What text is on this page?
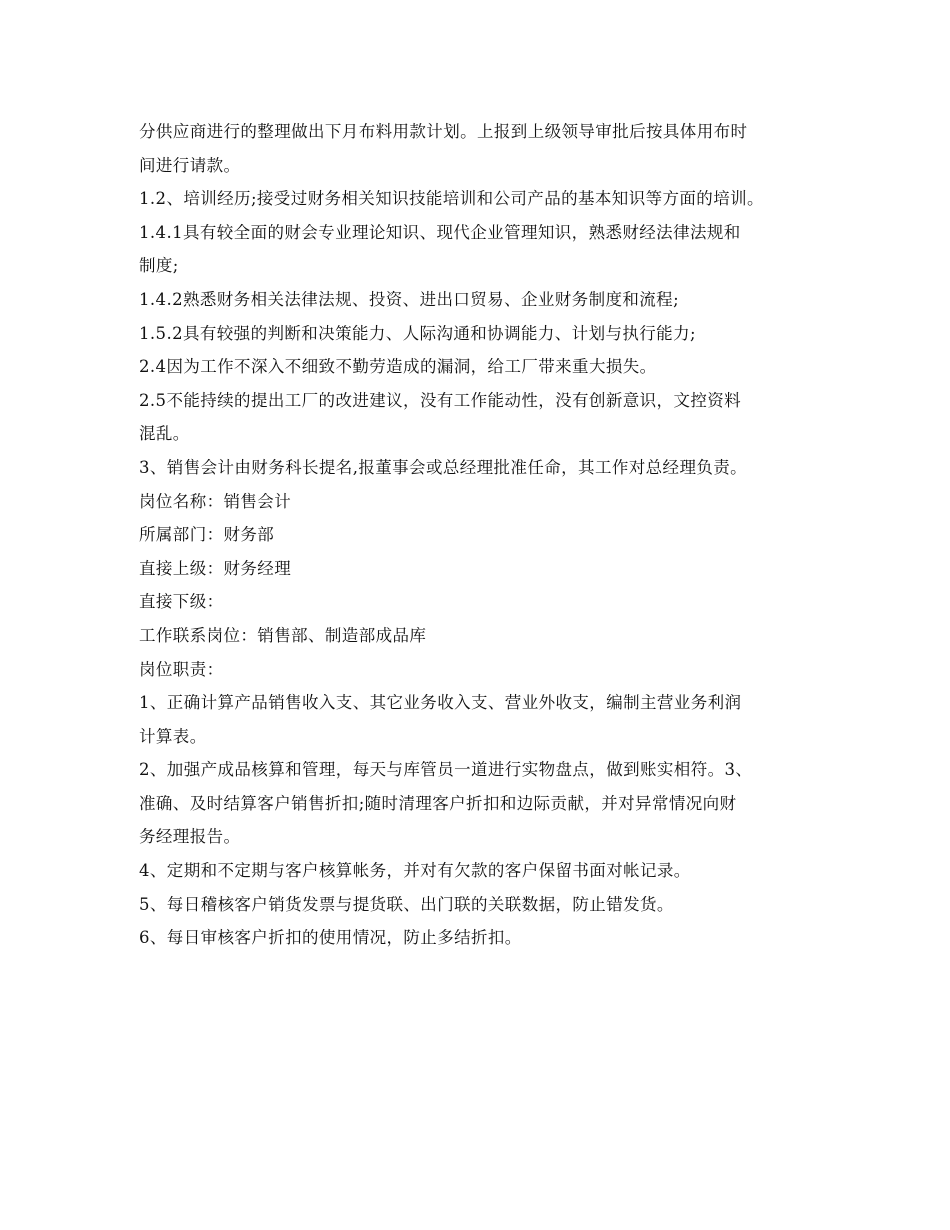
分供应商进行的整理做出下月布料用款计划。上报到上级领导审批后按具体用布时
间进行请款。
1.2、培训经历;接受过财务相关知识技能培训和公司产品的基本知识等方面的培训。
1.4.1具有较全面的财会专业理论知识、现代企业管理知识，熟悉财经法律法规和
制度;
1.4.2熟悉财务相关法律法规、投资、进出口贸易、企业财务制度和流程;
1.5.2具有较强的判断和决策能力、人际沟通和协调能力、计划与执行能力;
2.4因为工作不深入不细致不勤劳造成的漏洞，给工厂带来重大损失。
2.5不能持续的提出工厂的改进建议，没有工作能动性，没有创新意识，文控资料
混乱。
3、销售会计由财务科长提名,报董事会或总经理批准任命，其工作对总经理负责。
岗位名称：销售会计
所属部门：财务部
直接上级：财务经理
直接下级：
工作联系岗位：销售部、制造部成品库
岗位职责：
1、正确计算产品销售收入支、其它业务收入支、营业外收支，编制主营业务利润
计算表。
2、加强产成品核算和管理，每天与库管员一道进行实物盘点，做到账实相符。3、
准确、及时结算客户销售折扣;随时清理客户折扣和边际贡献，并对异常情况向财
务经理报告。
4、定期和不定期与客户核算帐务，并对有欠款的客户保留书面对帐记录。
5、每日稽核客户销货发票与提货联、出门联的关联数据，防止错发货。
6、每日审核客户折扣的使用情况，防止多结折扣。
